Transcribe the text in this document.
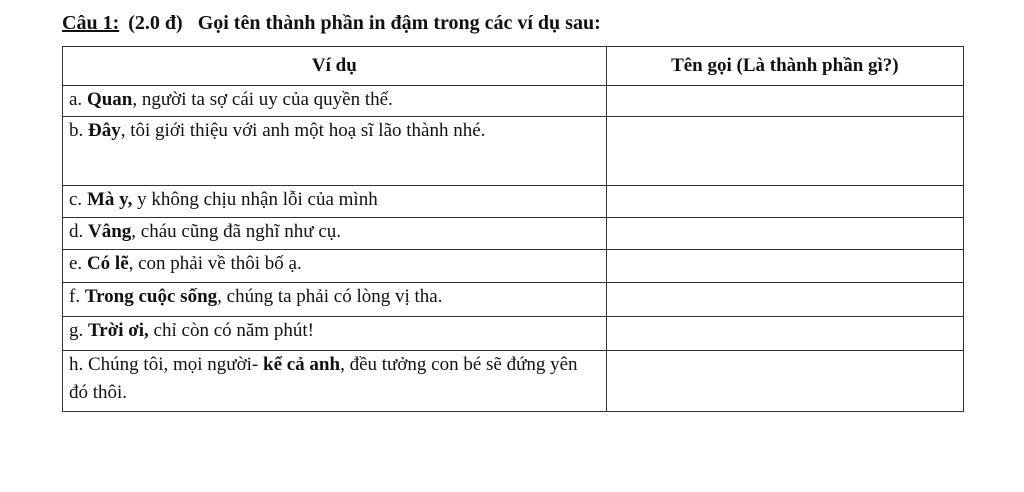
Câu 1: (2.0 đ) Gọi tên thành phần in đậm trong các ví dụ sau:
Ví dụ	Tên gọi (Là thành phần gì?)
a. Quan, người ta sợ cái uy của quyền thế.	
b. Đây, tôi giới thiệu với anh một hoạ sĩ lão thành nhé.	
c. Mà y, y không chịu nhận lỗi của mình	
d. Vâng, cháu cũng đã nghĩ như cụ.	
e. Có lẽ, con phải về thôi bố ạ.	
f. Trong cuộc sống, chúng ta phải có lòng vị tha.	
g. Trời ơi, chỉ còn có năm phút!	
h. Chúng tôi, mọi người- kể cả anh, đều tưởng con bé sẽ đứng yên đó thôi.	
